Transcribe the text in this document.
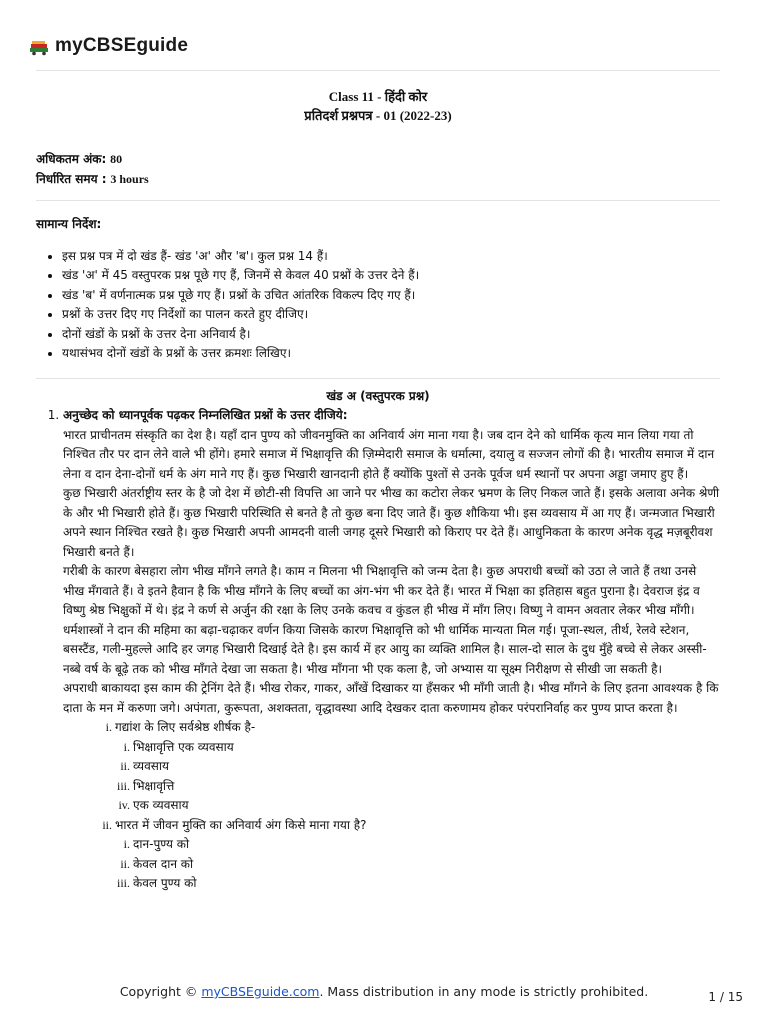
myCBSEguide
Class 11 - हिंदी कोर
प्रतिदर्श प्रश्नपत्र - 01 (2022-23)
अधिकतम अंक: 80
निर्धारित समय : 3 hours
सामान्य निर्देश:
• इस प्रश्न पत्र में दो खंड हैं- खंड 'अ' और 'ब'। कुल प्रश्न 14 हैं।
• खंड 'अ' में 45 वस्तुपरक प्रश्न पूछे गए हैं, जिनमें से केवल 40 प्रश्नों के उत्तर देने हैं।
• खंड 'ब' में वर्णनात्मक प्रश्न पूछे गए हैं। प्रश्नों के उचित आंतरिक विकल्प दिए गए हैं।
• प्रश्नों के उत्तर दिए गए निर्देशों का पालन करते हुए दीजिए।
• दोनों खंडों के प्रश्नों के उत्तर देना अनिवार्य है।
• यथासंभव दोनों खंडों के प्रश्नों के उत्तर क्रमशः लिखिए।
खंड अ (वस्तुपरक प्रश्न)
1. अनुच्छेद को ध्यानपूर्वक पढ़कर निम्नलिखित प्रश्नों के उत्तर दीजिये:

भारत प्राचीनतम संस्कृति का देश है। यहाँ दान पुण्य को जीवनमुक्ति का अनिवार्य अंग माना गया है। जब दान देने को धार्मिक कृत्य मान लिया गया तो निश्चित तौर पर दान लेने वाले भी होंगे। हमारे समाज में भिक्षावृत्ति की ज़िम्मेदारी समाज के धर्मात्मा, दयालु व सज्जन लोगों की है। भारतीय समाज में दान लेना व दान देना-दोनों धर्म के अंग माने गए हैं। कुछ भिखारी खानदानी होते हैं क्योंकि पुश्तों से उनके पूर्वज धर्म स्थानों पर अपना अड्डा जमाए हुए हैं।

कुछ भिखारी अंतर्राष्ट्रीय स्तर के है जो देश में छोटी-सी विपत्ति आ जाने पर भीख का कटोरा लेकर भ्रमण के लिए निकल जाते हैं। इसके अलावा अनेक श्रेणी के और भी भिखारी होते हैं। कुछ भिखारी परिस्थिति से बनते है तो कुछ बना दिए जाते हैं। कुछ शौकिया भी। इस व्यवसाय में आ गए हैं। जन्मजात भिखारी अपने स्थान निश्चित रखते है। कुछ भिखारी अपनी आमदनी वाली जगह दूसरे भिखारी को किराए पर देते हैं। आधुनिकता के कारण अनेक वृद्ध मज़बूरीवश भिखारी बनते हैं।

गरीबी के कारण बेसहारा लोग भीख माँगने लगते है। काम न मिलना भी भिक्षावृत्ति को जन्म देता है। कुछ अपराधी बच्चों को उठा ले जाते हैं तथा उनसे भीख मँगवाते हैं। वे इतने हैवान है कि भीख माँगने के लिए बच्चों का अंग-भंग भी कर देते हैं। भारत में भिक्षा का इतिहास बहुत पुराना है। देवराज इंद्र व विष्णु श्रेष्ठ भिक्षुकों में थे। इंद्र ने कर्ण से अर्जुन की रक्षा के लिए उनके कवच व कुंडल ही भीख में माँग लिए। विष्णु ने वामन अवतार लेकर भीख माँगी।

धर्मशास्त्रों ने दान की महिमा का बढ़ा-चढ़ाकर वर्णन किया जिसके कारण भिक्षावृत्ति को भी धार्मिक मान्यता मिल गई। पूजा-स्थल, तीर्थ, रेलवे स्टेशन, बसस्टैंड, गली-मुहल्ले आदि हर जगह भिखारी दिखाई देते है। इस कार्य में हर आयु का व्यक्ति शामिल है। साल-दो साल के दुध मुँहे बच्चे से लेकर अस्सी-नब्बे वर्ष के बूढ़े तक को भीख माँगते देखा जा सकता है। भीख माँगना भी एक कला है, जो अभ्यास या सूक्ष्म निरीक्षण से सीखी जा सकती है।

अपराधी बाकायदा इस काम की ट्रेनिंग देते हैं। भीख रोकर, गाकर, आँखें दिखाकर या हँसकर भी माँगी जाती है। भीख माँगने के लिए इतना आवश्यक है कि दाता के मन में करुणा जगे। अपंगता, कुरूपता, अशक्तता, वृद्धावस्था आदि देखकर दाता करुणामय होकर परंपरानिर्वाह कर पुण्य प्राप्त करता है।

i. गद्यांश के लिए सर्वश्रेष्ठ शीर्षक है-
i. भिक्षावृत्ति एक व्यवसाय
ii. व्यवसाय
iii. भिक्षावृत्ति
iv. एक व्यवसाय
ii. भारत में जीवन मुक्ति का अनिवार्य अंग किसे माना गया है?
i. दान-पुण्य को
ii. केवल दान को
iii. केवल पुण्य को
Copyright © myCBSEguide.com. Mass distribution in any mode is strictly prohibited.	1 / 15
